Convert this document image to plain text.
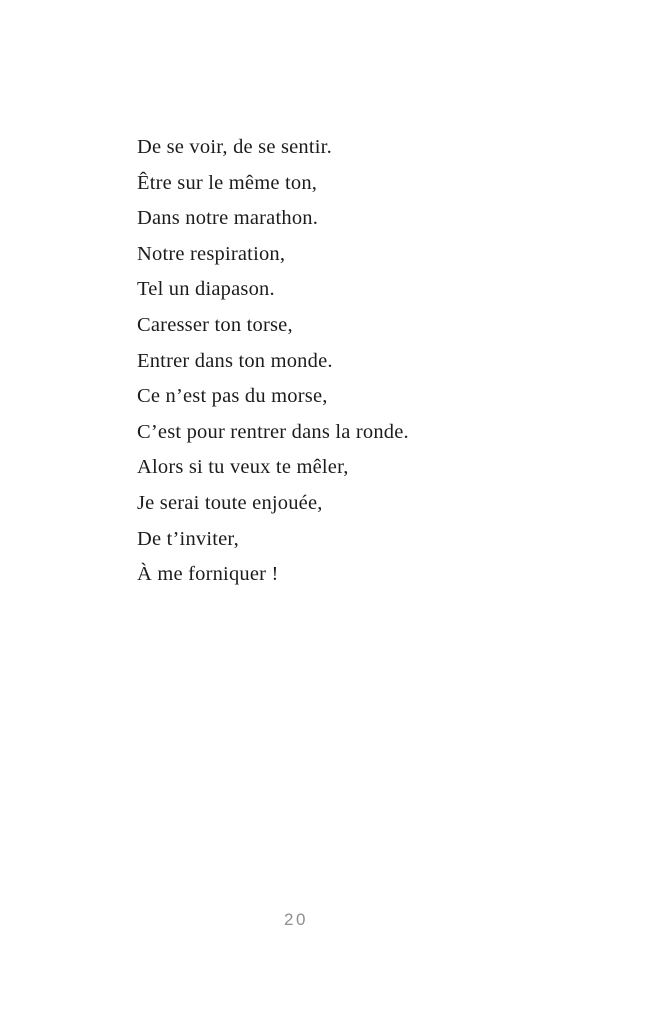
De se voir, de se sentir.
Être sur le même ton,
Dans notre marathon.
Notre respiration,
Tel un diapason.
Caresser ton torse,
Entrer dans ton monde.
Ce n’est pas du morse,
C’est pour rentrer dans la ronde.
Alors si tu veux te mêler,
Je serai toute enjouée,
De t’inviter,
À me forniquer !
20
